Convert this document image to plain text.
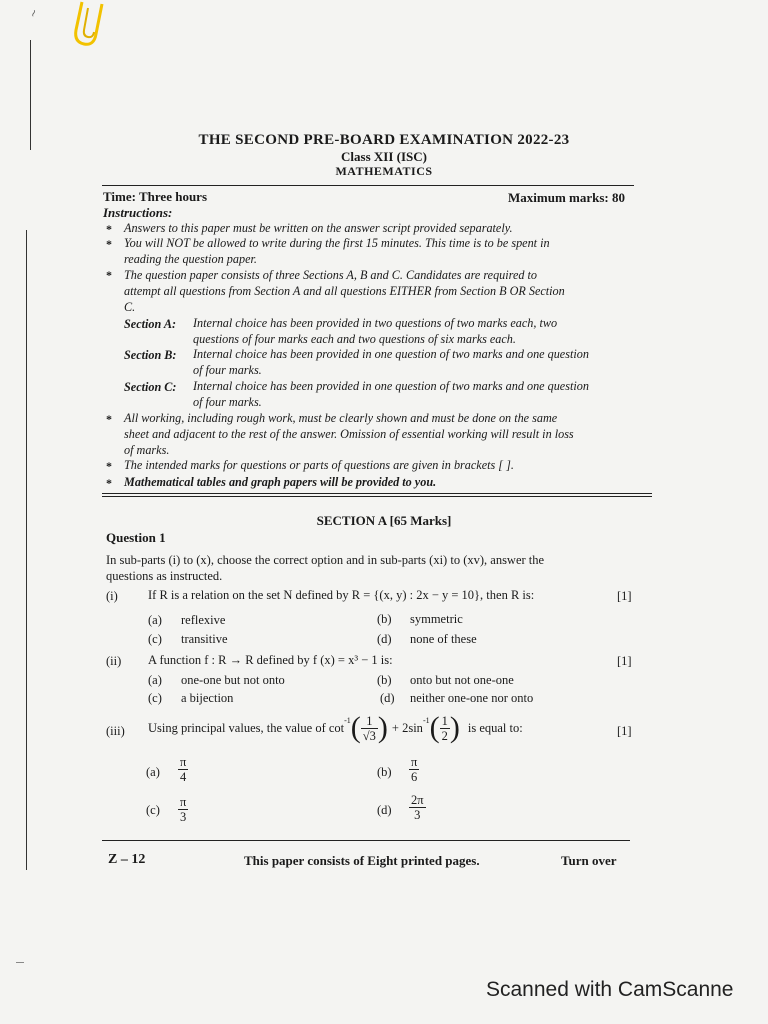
~
THE SECOND PRE-BOARD EXAMINATION 2022-23
Class XII (ISC)
MATHEMATICS
Time: Three hours	Maximum marks: 80
Instructions:
* Answers to this paper must be written on the answer script provided separately.
* You will NOT be allowed to write during the first 15 minutes. This time is to be spent in
reading the question paper.
* The question paper consists of three Sections A, B and C. Candidates are required to
attempt all questions from Section A and all questions EITHER from Section B OR Section
C.
Section A: Internal choice has been provided in two questions of two marks each, two
questions of four marks each and two questions of six marks each.
Section B: Internal choice has been provided in one question of two marks and one question
of four marks.
Section C: Internal choice has been provided in one question of two marks and one question
of four marks.
* All working, including rough work, must be clearly shown and must be done on the same
sheet and adjacent to the rest of the answer. Omission of essential working will result in loss
of marks.
* The intended marks for questions or parts of questions are given in brackets [ ].
* Mathematical tables and graph papers will be provided to you.
SECTION A [65 Marks]
Question 1
In sub-parts (i) to (x), choose the correct option and in sub-parts (xi) to (xv), answer the
questions as instructed.
(i) If R is a relation on the set N defined by R = {(x, y) : 2x − y = 10}, then R is:	[1]
(a) reflexive	(b) symmetric
(c) transitive	(d) none of these
(ii) A function f : R → R defined by f (x) = x³ − 1 is:	[1]
(a) one-one but not onto	(b) onto but not one-one
(c) a bijection	(d) neither one-one nor onto
(iii) Using principal values, the value of $\cot^{-1}$ ( $\frac{1}{√3}$ ) + $2\sin^{-1}$ ( $\frac{1}{2}$ ) is equal to:	[1]
$(a) \frac{\pi}{4}$	$(b) \frac{\pi}{6}$
$(c) \frac{\pi}{3}$	$(d) \frac{2\pi}{3}$
Z – 12	This paper consists of Eight printed pages.	Turn over
Scanned with CamScanne
